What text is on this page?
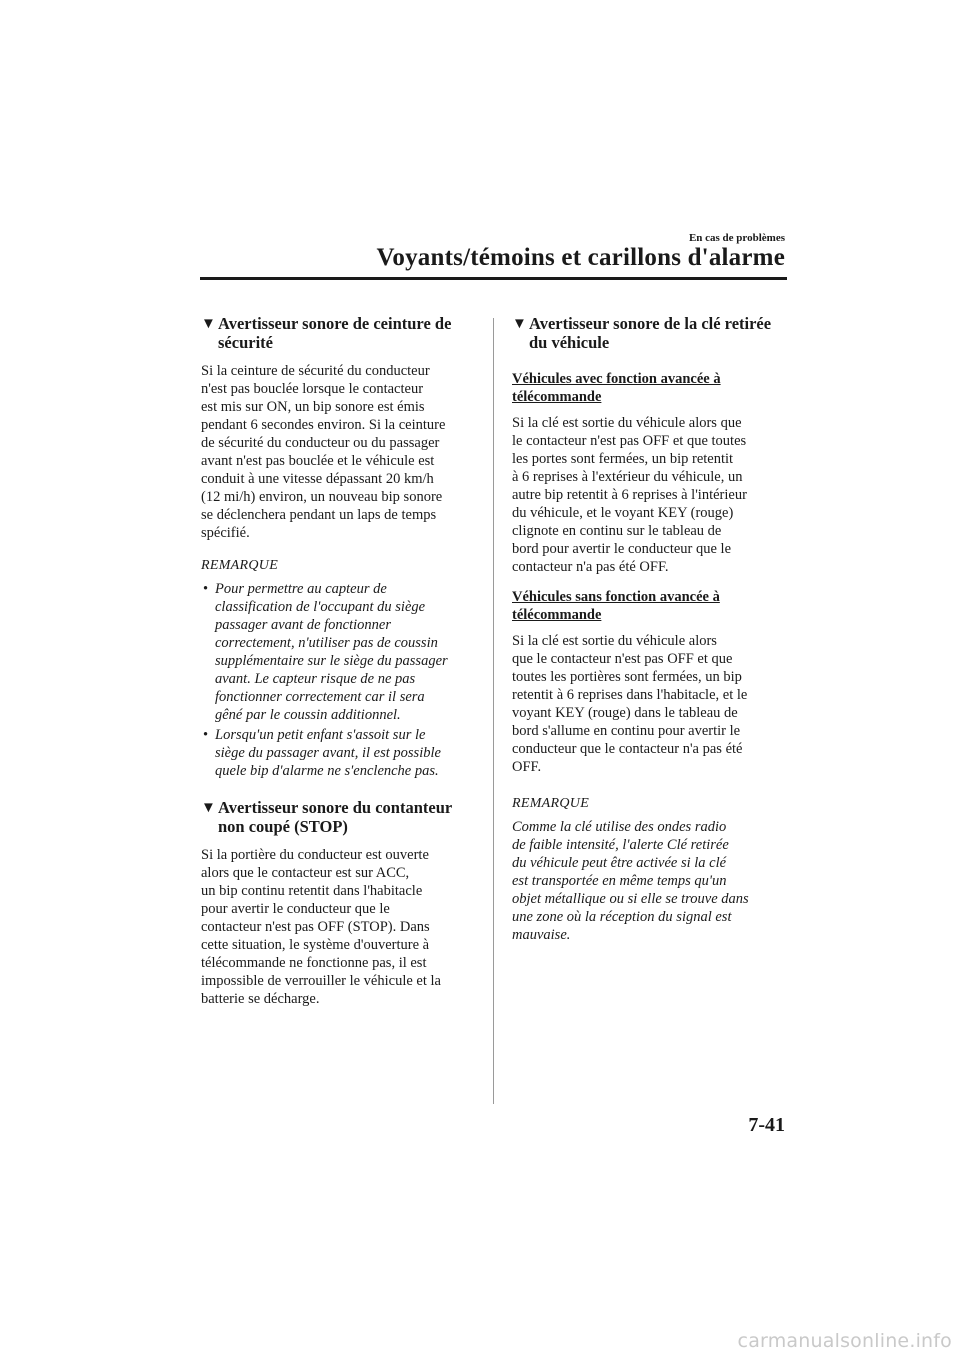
En cas de problèmes
Voyants/témoins et carillons d'alarme
▼ Avertisseur sonore de ceinture de
sécurité

Si la ceinture de sécurité du conducteur
n'est pas bouclée lorsque le contacteur
est mis sur ON, un bip sonore est émis
pendant 6 secondes environ. Si la ceinture
de sécurité du conducteur ou du passager
avant n'est pas bouclée et le véhicule est
conduit à une vitesse dépassant 20 km/h
(12 mi/h) environ, un nouveau bip sonore
se déclenchera pendant un laps de temps
spécifié.

REMARQUE
• Pour permettre au capteur de
classification de l'occupant du siège
passager avant de fonctionner
correctement, n'utiliser pas de coussin
supplémentaire sur le siège du passager
avant. Le capteur risque de ne pas
fonctionner correctement car il sera
gêné par le coussin additionnel.
• Lorsqu'un petit enfant s'assoit sur le
siège du passager avant, il est possible
quele bip d'alarme ne s'enclenche pas.
▼ Avertisseur sonore du contanteur
non coupé (STOP)

Si la portière du conducteur est ouverte
alors que le contacteur est sur ACC,
un bip continu retentit dans l'habitacle
pour avertir le conducteur que le
contacteur n'est pas OFF (STOP). Dans
cette situation, le système d'ouverture à
télécommande ne fonctionne pas, il est
impossible de verrouiller le véhicule et la
batterie se décharge.

▼ Avertisseur sonore de la clé retirée
du véhicule
Véhicules avec fonction avancée à
télécommande

Si la clé est sortie du véhicule alors que
le contacteur n'est pas OFF et que toutes
les portes sont fermées, un bip retentit
à 6 reprises à l'extérieur du véhicule, un
autre bip retentit à 6 reprises à l'intérieur
du véhicule, et le voyant KEY (rouge)
clignote en continu sur le tableau de
bord pour avertir le conducteur que le
contacteur n'a pas été OFF.

Véhicules sans fonction avancée à
télécommande

Si la clé est sortie du véhicule alors
que le contacteur n'est pas OFF et que
toutes les portières sont fermées, un bip
retentit à 6 reprises dans l'habitacle, et le
voyant KEY (rouge) dans le tableau de
bord s'allume en continu pour avertir le
conducteur que le contacteur n'a pas été
OFF.

REMARQUE

Comme la clé utilise des ondes radio
de faible intensité, l'alerte Clé retirée
du véhicule peut être activée si la clé
est transportée en même temps qu'un
objet métallique ou si elle se trouve dans
une zone où la réception du signal est
mauvaise.

7-41
carmanualsonline.info
